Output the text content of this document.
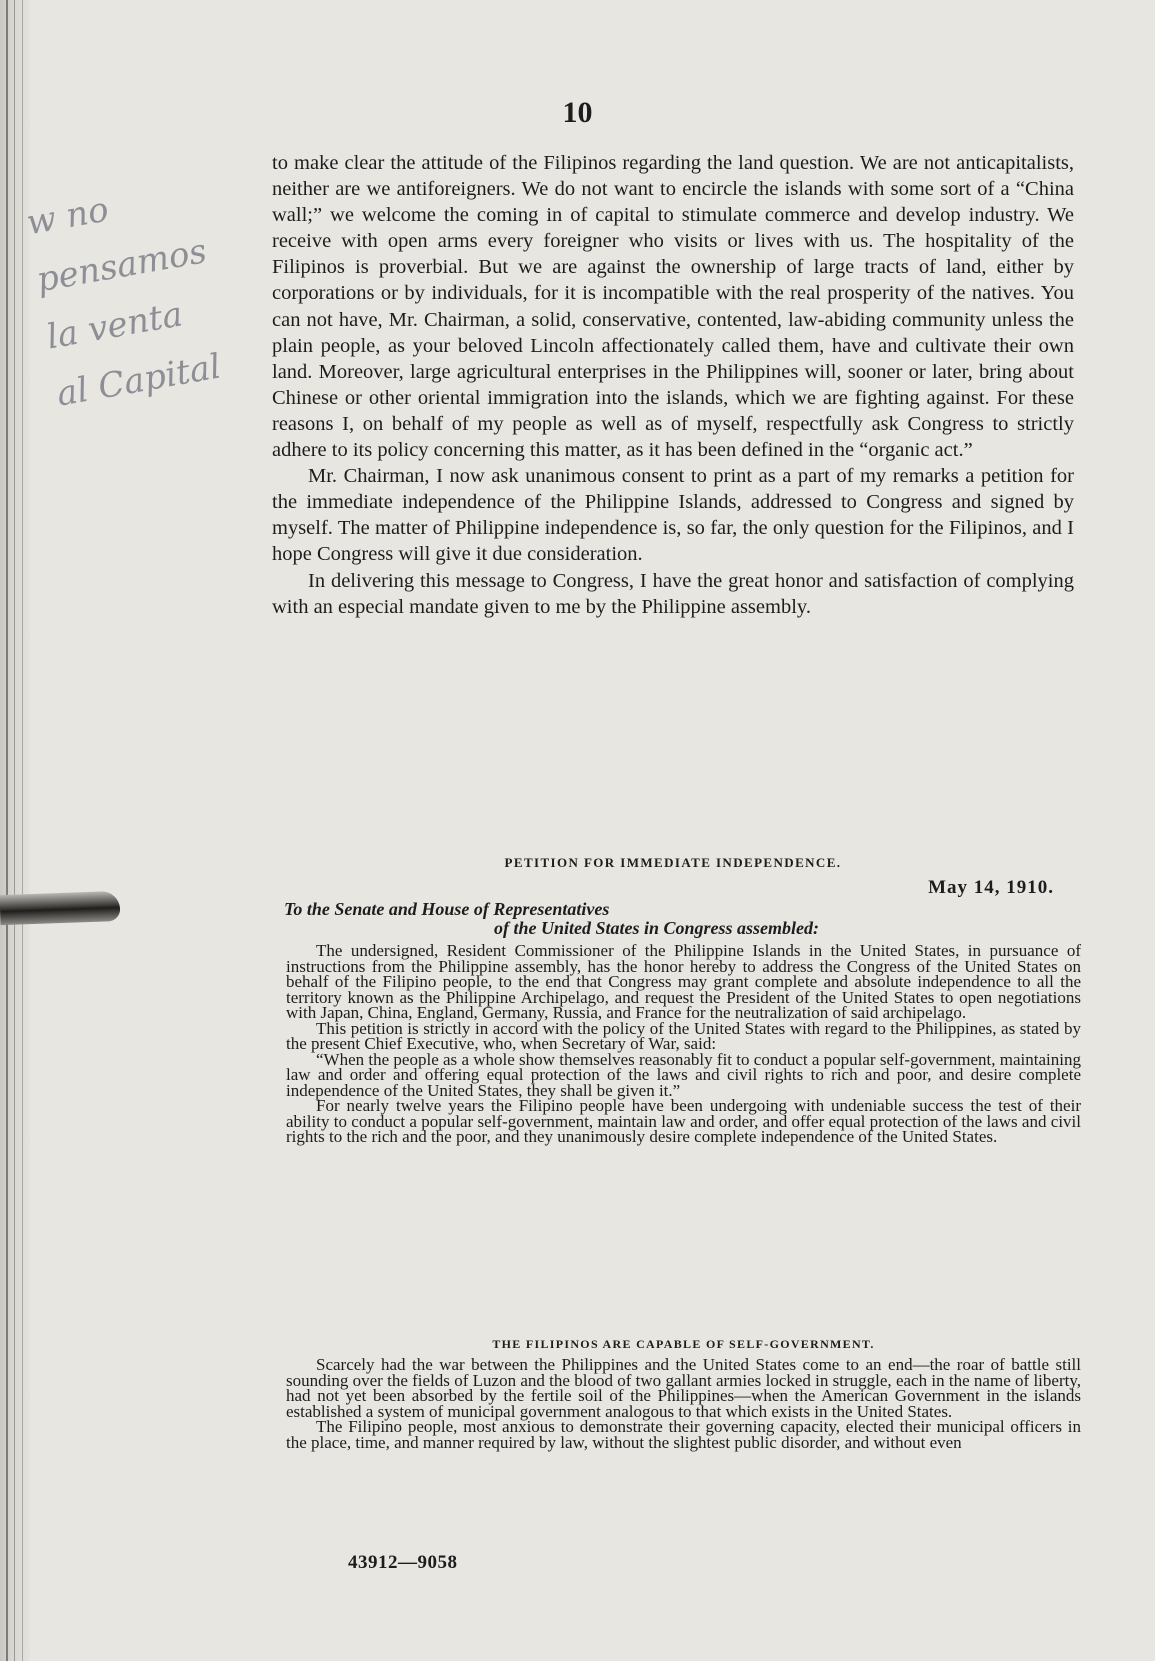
10
w no
pensamos
la venta
al Capital

to make clear the attitude of the Filipinos regarding the land question. We are not anticapitalists, neither are we antiforeigners. We do not want to encircle the islands with some sort of a “China wall;” we welcome the coming in of capital to stimulate commerce and develop industry. We receive with open arms every foreigner who visits or lives with us. The hospitality of the Filipinos is proverbial. But we are against the ownership of large tracts of land, either by corporations or by individuals, for it is incompatible with the real prosperity of the natives. You can not have, Mr. Chairman, a solid, conservative, contented, law-abiding community unless the plain people, as your beloved Lincoln affectionately called them, have and cultivate their own land. Moreover, large agricultural enterprises in the Philippines will, sooner or later, bring about Chinese or other oriental immigration into the islands, which we are fighting against. For these reasons I, on behalf of my people as well as of myself, respectfully ask Congress to strictly adhere to its policy concerning this matter, as it has been defined in the “organic act.”

Mr. Chairman, I now ask unanimous consent to print as a part of my remarks a petition for the immediate independence of the Philippine Islands, addressed to Congress and signed by myself. The matter of Philippine independence is, so far, the only question for the Filipinos, and I hope Congress will give it due consideration.

In delivering this message to Congress, I have the great honor and satisfaction of complying with an especial mandate given to me by the Philippine assembly.

PETITION FOR IMMEDIATE INDEPENDENCE.
May 14, 1910.
To the Senate and House of Representatives
of the United States in Congress assembled:

The undersigned, Resident Commissioner of the Philippine Islands in the United States, in pursuance of instructions from the Philippine assembly, has the honor hereby to address the Congress of the United States on behalf of the Filipino people, to the end that Congress may grant complete and absolute independence to all the territory known as the Philippine Archipelago, and request the President of the United States to open negotiations with Japan, China, England, Germany, Russia, and France for the neutralization of said archipelago.

This petition is strictly in accord with the policy of the United States with regard to the Philippines, as stated by the present Chief Executive, who, when Secretary of War, said:

“When the people as a whole show themselves reasonably fit to conduct a popular self-government, maintaining law and order and offering equal protection of the laws and civil rights to rich and poor, and desire complete independence of the United States, they shall be given it.”

For nearly twelve years the Filipino people have been undergoing with undeniable success the test of their ability to conduct a popular self-government, maintain law and order, and offer equal protection of the laws and civil rights to the rich and the poor, and they unanimously desire complete independence of the United States.

THE FILIPINOS ARE CAPABLE OF SELF-GOVERNMENT.

Scarcely had the war between the Philippines and the United States come to an end—the roar of battle still sounding over the fields of Luzon and the blood of two gallant armies locked in struggle, each in the name of liberty, had not yet been absorbed by the fertile soil of the Philippines—when the American Government in the islands established a system of municipal government analogous to that which exists in the United States.

The Filipino people, most anxious to demonstrate their governing capacity, elected their municipal officers in the place, time, and manner required by law, without the slightest public disorder, and without even

43912—9058
